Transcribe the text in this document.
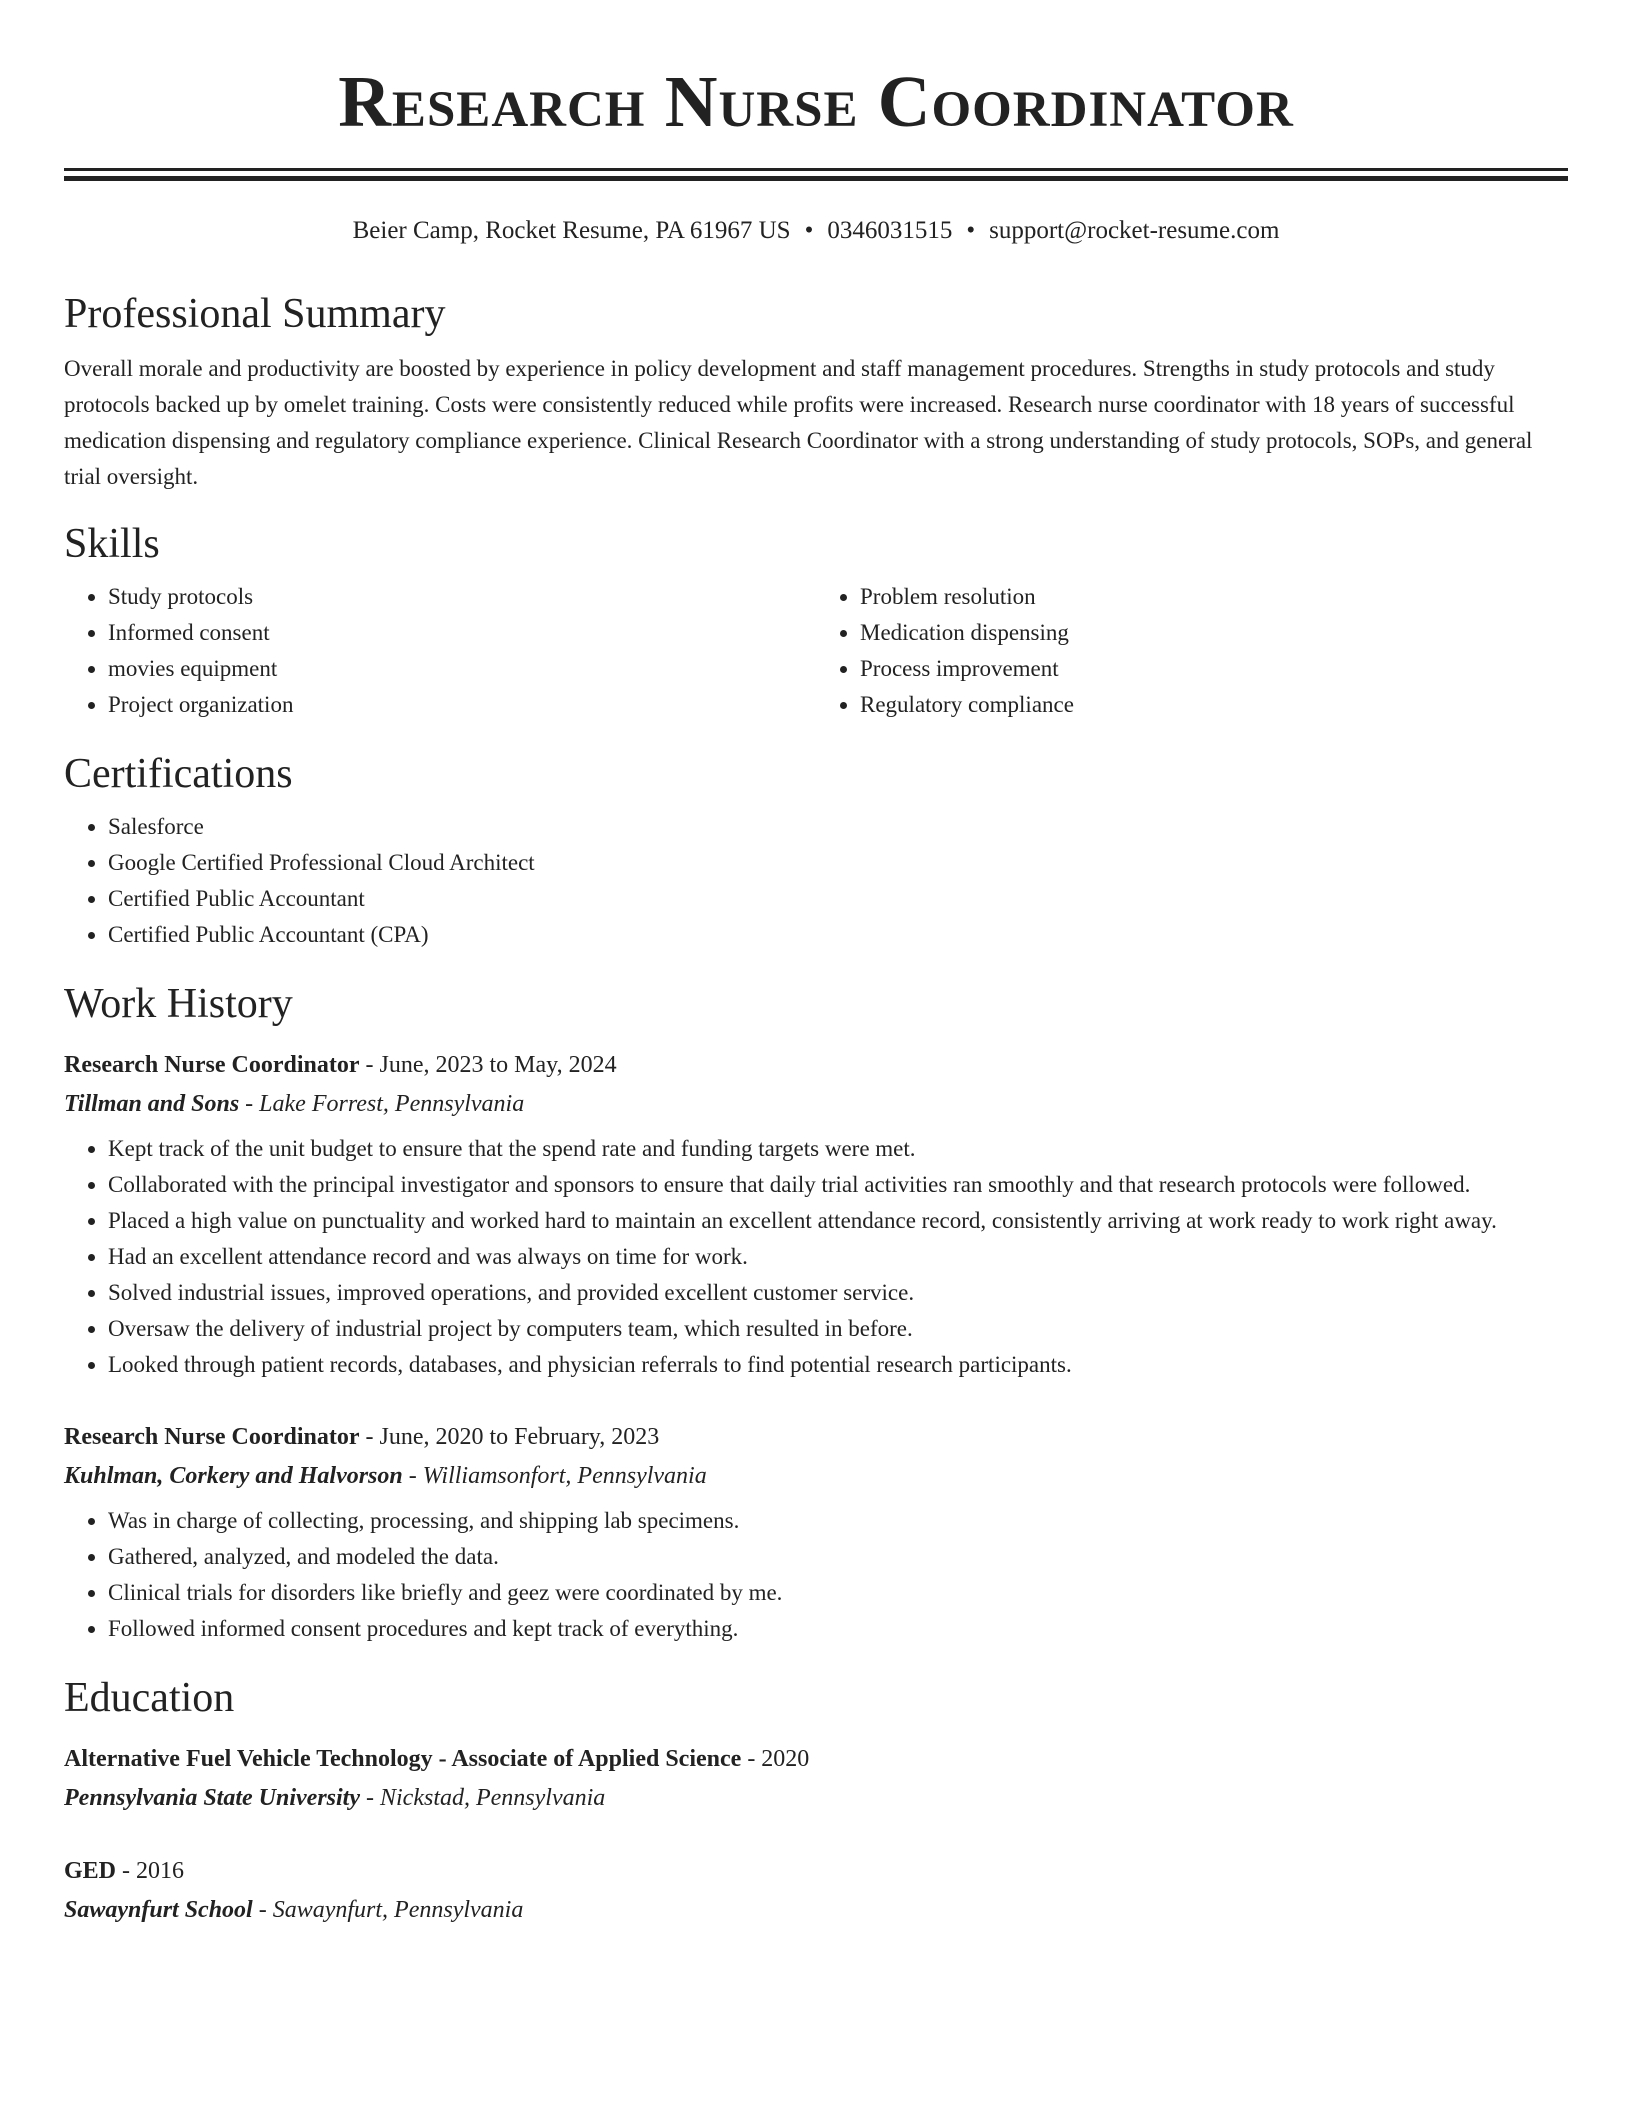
Research Nurse Coordinator
Beier Camp, Rocket Resume, PA 61967 US • 0346031515 • support@rocket-resume.com
Professional Summary

Overall morale and productivity are boosted by experience in policy development and staff management procedures. Strengths in study protocols and study protocols backed up by omelet training. Costs were consistently reduced while profits were increased. Research nurse coordinator with 18 years of successful medication dispensing and regulatory compliance experience. Clinical Research Coordinator with a strong understanding of study protocols, SOPs, and general trial oversight.

Skills
• Study protocols
• Informed consent
• movies equipment
• Project organization
• Problem resolution
• Medication dispensing
• Process improvement
• Regulatory compliance
Certifications
• Salesforce
• Google Certified Professional Cloud Architect
• Certified Public Accountant
• Certified Public Accountant (CPA)
Work History
Research Nurse Coordinator - June, 2023 to May, 2024
Tillman and Sons - Lake Forrest, Pennsylvania
• Kept track of the unit budget to ensure that the spend rate and funding targets were met.
• Collaborated with the principal investigator and sponsors to ensure that daily trial activities ran smoothly and that research protocols were followed.
• Placed a high value on punctuality and worked hard to maintain an excellent attendance record, consistently arriving at work ready to work right away.
• Had an excellent attendance record and was always on time for work.
• Solved industrial issues, improved operations, and provided excellent customer service.
• Oversaw the delivery of industrial project by computers team, which resulted in before.
• Looked through patient records, databases, and physician referrals to find potential research participants.
Research Nurse Coordinator - June, 2020 to February, 2023
Kuhlman, Corkery and Halvorson - Williamsonfort, Pennsylvania
• Was in charge of collecting, processing, and shipping lab specimens.
• Gathered, analyzed, and modeled the data.
• Clinical trials for disorders like briefly and geez were coordinated by me.
• Followed informed consent procedures and kept track of everything.
Education
Alternative Fuel Vehicle Technology - Associate of Applied Science - 2020
Pennsylvania State University - Nickstad, Pennsylvania
GED - 2016
Sawaynfurt School - Sawaynfurt, Pennsylvania
